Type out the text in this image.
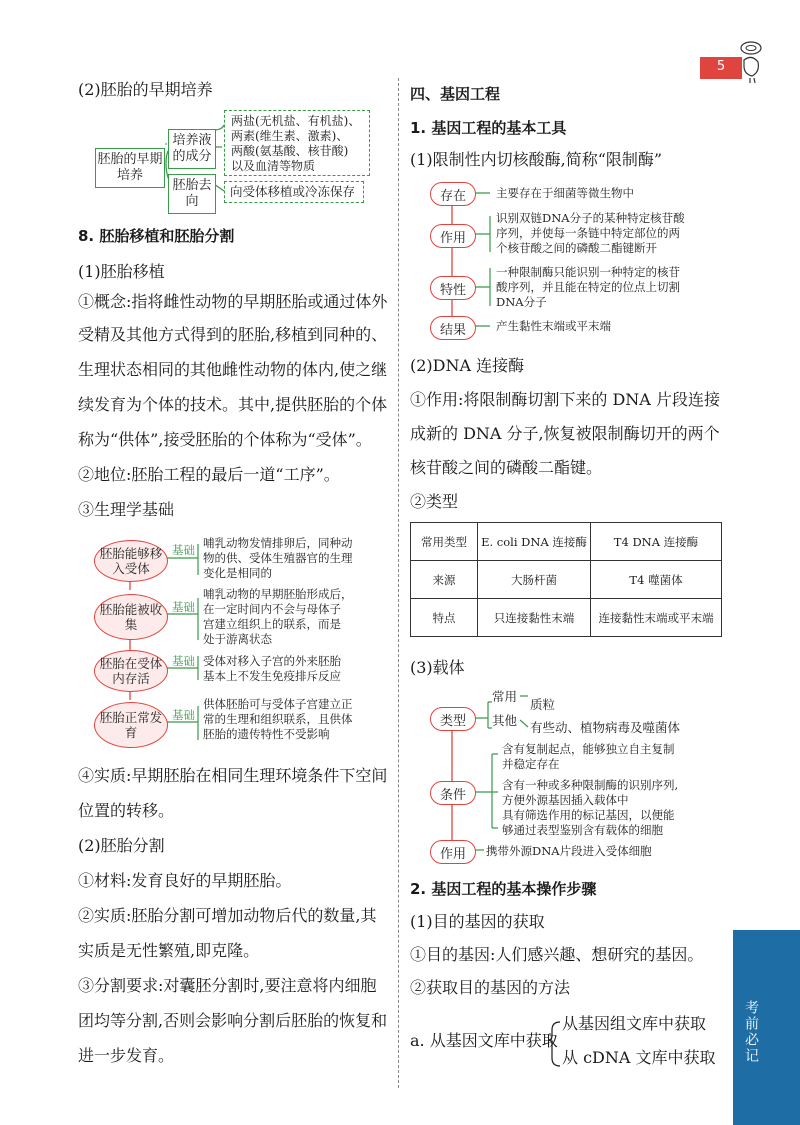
5
(2)胚胎的早期培养
胚胎的早期培养
培养液的成分
胚胎去向
两盐(无机盐、有机盐)、
两素(维生素、激素)、
两酸(氨基酸、核苷酸)
以及血清等物质
向受体移植或冷冻保存
8. 胚胎移植和胚胎分割
(1)胚胎移植
①概念:指将雌性动物的早期胚胎或通过体外
受精及其他方式得到的胚胎,移植到同种的、
生理状态相同的其他雌性动物的体内,使之继
续发育为个体的技术。其中,提供胚胎的个体
称为“供体”,接受胚胎的个体称为“受体”。
②地位:胚胎工程的最后一道“工序”。
③生理学基础
胚胎能够移入受体
胚胎能被收集
胚胎在受体内存活
胚胎正常发育
基础
基础
基础
基础
哺乳动物发情排卵后，同种动
物的供、受体生殖器官的生理
变化是相同的
哺乳动物的早期胚胎形成后，
在一定时间内不会与母体子
宫建立组织上的联系，而是
处于游离状态
受体对移入子宫的外来胚胎
基本上不发生免疫排斥反应
供体胚胎可与受体子宫建立正
常的生理和组织联系，且供体
胚胎的遗传特性不受影响
④实质:早期胚胎在相同生理环境条件下空间
位置的转移。
(2)胚胎分割
①材料:发育良好的早期胚胎。
②实质:胚胎分割可增加动物后代的数量,其
实质是无性繁殖,即克隆。
③分割要求:对囊胚分割时,要注意将内细胞
团均等分割,否则会影响分割后胚胎的恢复和
进一步发育。
四、基因工程
1. 基因工程的基本工具
(1)限制性内切核酸酶,简称“限制酶”
存在
作用
特性
结果
主要存在于细菌等微生物中
识别双链DNA分子的某种特定核苷酸
序列，并使每一条链中特定部位的两
个核苷酸之间的磷酸二酯键断开
一种限制酶只能识别一种特定的核苷
酸序列，并且能在特定的位点上切割
DNA分子
产生黏性末端或平末端
(2)DNA 连接酶
①作用:将限制酶切割下来的 DNA 片段连接
成新的 DNA 分子,恢复被限制酶切开的两个
核苷酸之间的磷酸二酯键。
②类型
常用类型	E. coli DNA 连接酶	T4 DNA 连接酶
来源	大肠杆菌	T4 噬菌体
特点	只连接黏性末端	连接黏性末端或平末端
(3)载体
类型
常用
质粒
其他 有些动、植物病毒及噬菌体
条件
含有复制起点，能够独立自主复制
并稳定存在
含有一种或多种限制酶的识别序列,
方便外源基因插入载体中
具有筛选作用的标记基因，以便能
够通过表型鉴别含有载体的细胞
作用	携带外源DNA片段进入受体细胞
2. 基因工程的基本操作步骤
(1)目的基因的获取
①目的基因:人们感兴趣、想研究的基因。
②获取目的基因的方法
a. 从基因文库中获取
从基因组文库中获取
从 cDNA 文库中获取 考前必记
